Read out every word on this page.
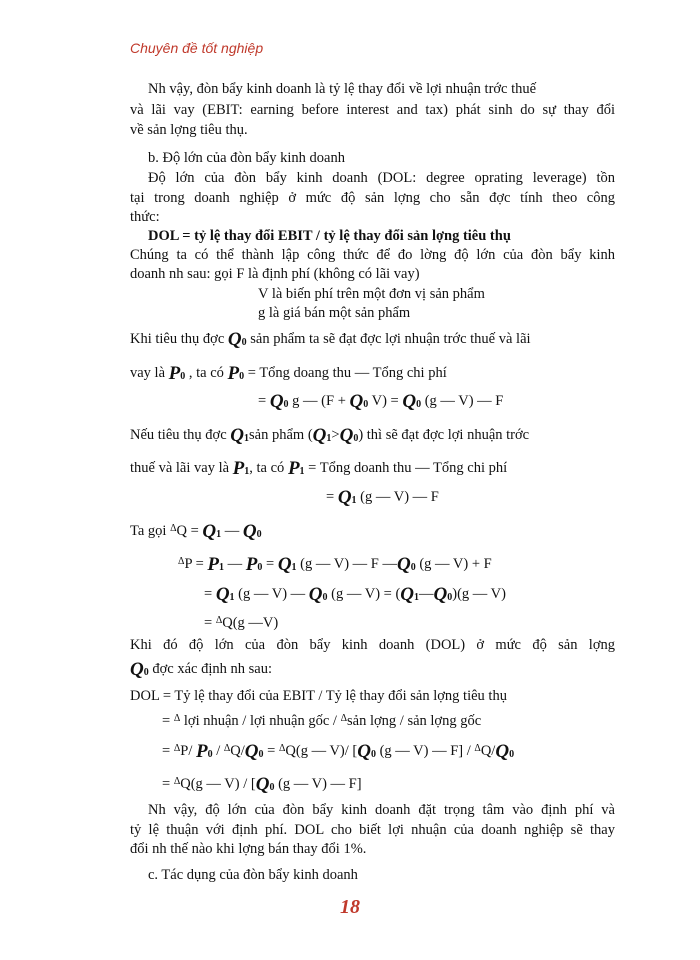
Chuyên đề tốt nghiệp
Nh vậy, đòn bẩy kinh doanh là tỷ lệ thay đổi về lợi nhuận trớc thuế
và lãi vay (EBIT: earning before interest and tax) phát sinh do sự thay đổi
về sản lợng tiêu thụ.
b. Độ lớn của đòn bẩy kinh doanh
Độ lớn của đòn bẩy kinh doanh (DOL: degree oprating leverage) tồn
tại trong doanh nghiệp ở mức độ sản lợng cho sẵn đợc tính theo công
thức:
DOL = tỷ lệ thay đổi EBIT / tỷ lệ thay đổi sản lợng tiêu thụ
Chúng ta có thể thành lập công thức để đo lờng độ lớn của đòn bẩy kinh
doanh nh sau: gọi F là định phí (không có lãi vay)
V là biến phí trên một đơn vị sản phẩm
g là giá bán một sản phẩm
Khi tiêu thụ đợc Q0 sản phẩm ta sẽ đạt đợc lợi nhuận trớc thuế và lãi
vay là P0 , ta có P0 = Tổng doang thu — Tổng chi phí
= Q0 g — (F + Q0 V) = Q0 (g — V) — F
Nếu tiêu thụ đợc Q1sản phẩm (Q1>Q0) thì sẽ đạt đợc lợi nhuận trớc
thuế và lãi vay là P1, ta có P1 = Tổng doanh thu — Tổng chi phí
= Q1 (g — V) — F
Ta gọi $^\Delta$Q = Q1 — Q0
$^\Delta$P = P1 — P0 = Q1 (g — V) — F —Q0 (g — V) + F
= Q1 (g — V) — Q0 (g — V) = (Q1—Q0)(g — V)
= $^\Delta$Q(g —V)
Khi đó độ lớn của đòn bẩy kinh doanh (DOL) ở mức độ sản lợng
Q0 đợc xác định nh sau:
DOL = Tỷ lệ thay đổi của EBIT / Tỷ lệ thay đổi sản lợng tiêu thụ
= $^\Delta$ lợi nhuận / lợi nhuận gốc / $^\Delta$sản lợng / sản lợng gốc
= $^\Delta$P/ P0 / $^\Delta$Q/Q0 = $^\Delta$Q(g — V)/ [Q0 (g — V) — F] / $^\Delta$Q/Q0
= $^\Delta$Q(g — V) / [Q0 (g — V) — F]
Nh vậy, độ lớn của đòn bẩy kinh doanh đặt trọng tâm vào định phí và
tỷ lệ thuận với định phí. DOL cho biết lợi nhuận của doanh nghiệp sẽ thay
đổi nh thế nào khi lợng bán thay đổi 1%.
c. Tác dụng của đòn bẩy kinh doanh
18
